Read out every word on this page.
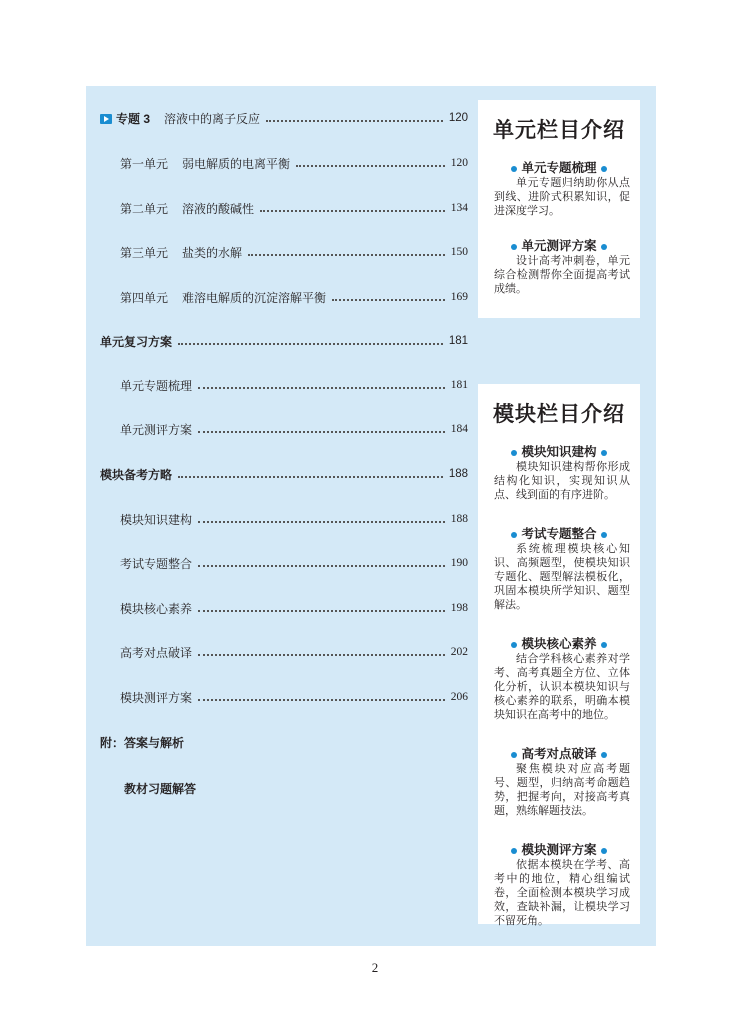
专题 3 溶液中的离子反应	120
第一单元 弱电解质的电离平衡	120
第二单元 溶液的酸碱性	134
第三单元 盐类的水解	150
第四单元 难溶电解质的沉淀溶解平衡	169
单元复习方案	181
单元专题梳理	181
单元测评方案	184
模块备考方略	188
模块知识建构	188
考试专题整合	190
模块核心素养	198
高考对点破译	202
模块测评方案	206
附：答案与解析
教材习题解答
单元栏目介绍
单元专题梳理
单元专题归纳助你从点到线、进阶式积累知识，促进深度学习。
单元测评方案
设计高考冲刺卷，单元综合检测帮你全面提高考试成绩。
模块栏目介绍
模块知识建构
模块知识建构帮你形成结构化知识，实现知识从点、线到面的有序进阶。
考试专题整合
系统梳理模块核心知识、高频题型，使模块知识专题化、题型解法模板化，巩固本模块所学知识、题型解法。
模块核心素养
结合学科核心素养对学考、高考真题全方位、立体化分析，认识本模块知识与核心素养的联系，明确本模块知识在高考中的地位。
高考对点破译
聚焦模块对应高考题号、题型，归纳高考命题趋势，把握考向，对接高考真题，熟练解题技法。
模块测评方案
依据本模块在学考、高考中的地位，精心组编试卷，全面检测本模块学习成效，查缺补漏，让模块学习不留死角。
2
